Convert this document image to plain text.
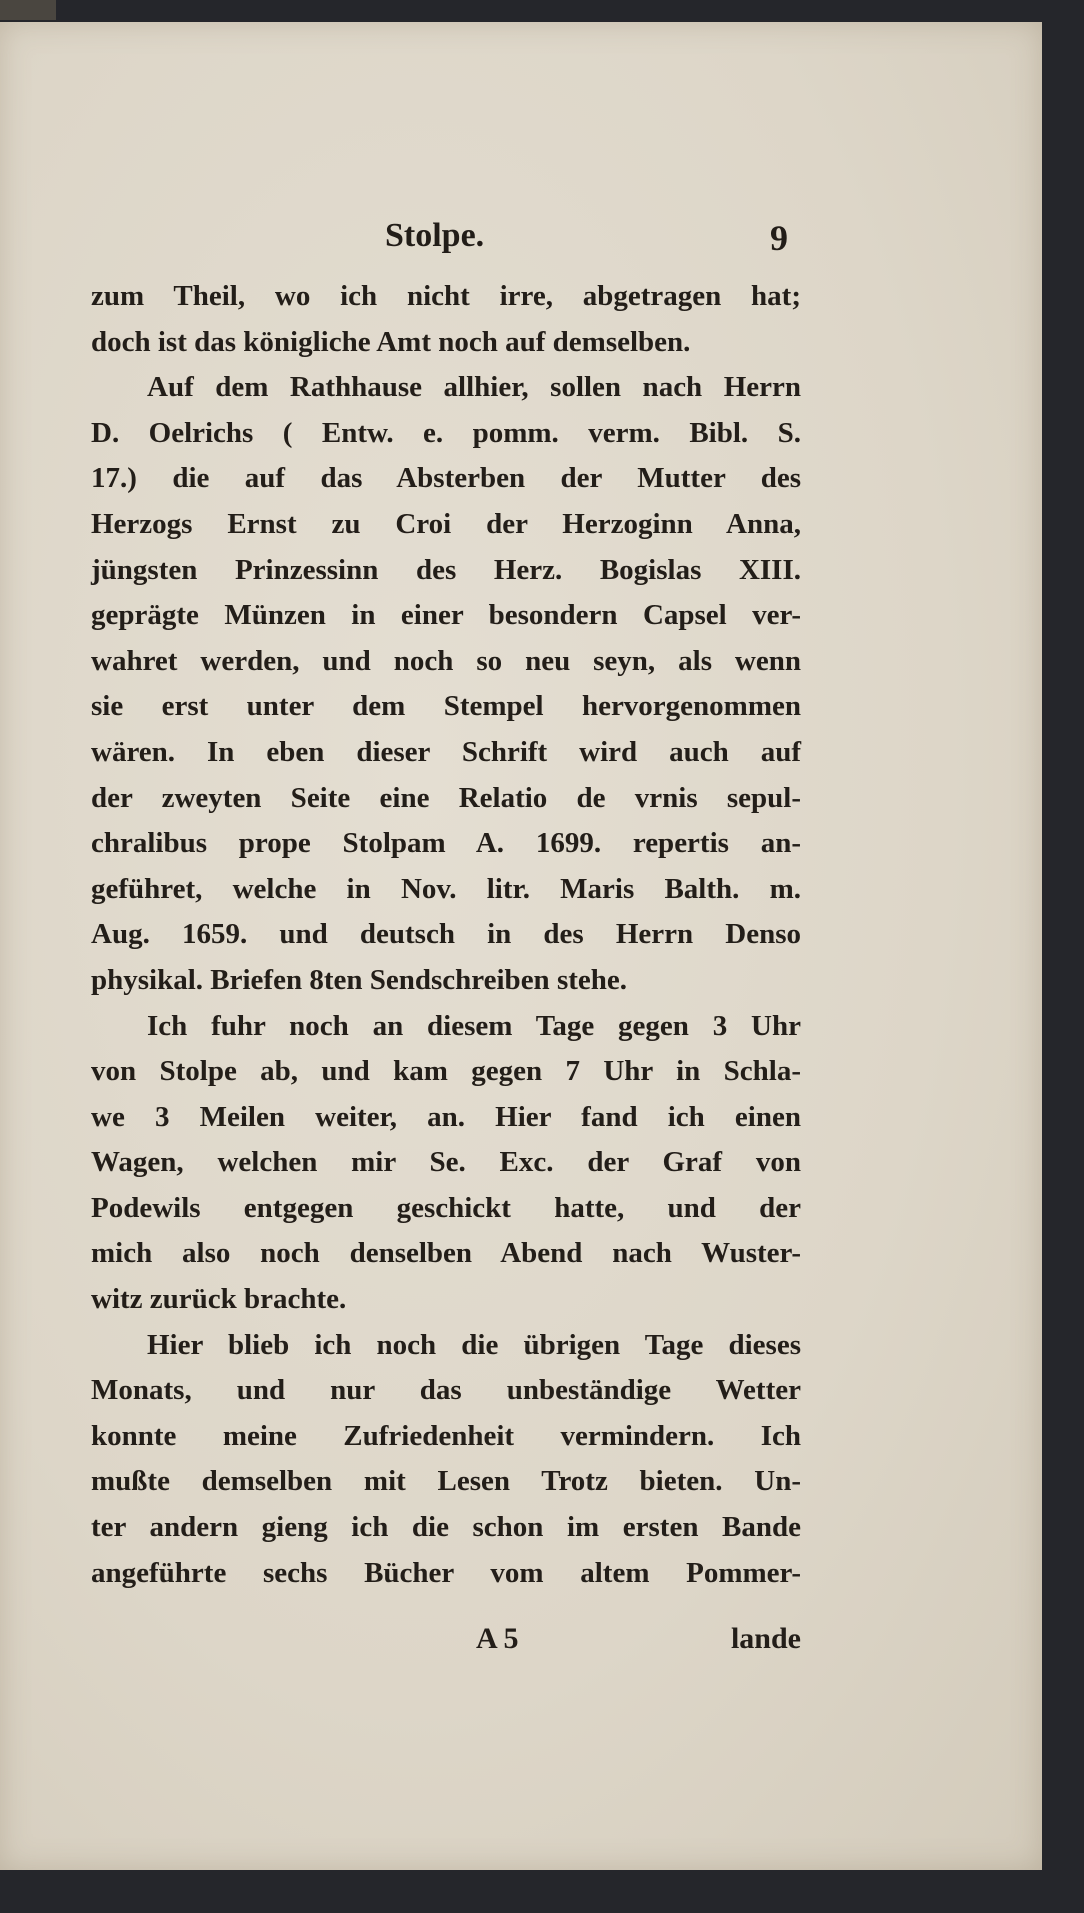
Stolpe.	9
zum Theil, wo ich nicht irre, abgetragen hat;
doch ist das königliche Amt noch auf demselben.
Auf dem Rathhause allhier, sollen nach Herrn
D. Oelrichs ( Entw. e. pomm. verm. Bibl. S.
17.) die auf das Absterben der Mutter des
Herzogs Ernst zu Croi der Herzoginn Anna,
jüngsten Prinzessinn des Herz. Bogislas XIII.
geprägte Münzen in einer besondern Capsel ver-
wahret werden, und noch so neu seyn, als wenn
sie erst unter dem Stempel hervorgenommen
wären. In eben dieser Schrift wird auch auf
der zweyten Seite eine Relatio de vrnis sepul-
chralibus prope Stolpam A. 1699. repertis an-
geführet, welche in Nov. litr. Maris Balth. m.
Aug. 1659. und deutsch in des Herrn Denso
physikal. Briefen 8ten Sendschreiben stehe.
Ich fuhr noch an diesem Tage gegen 3 Uhr
von Stolpe ab, und kam gegen 7 Uhr in Schla-
we 3 Meilen weiter, an. Hier fand ich einen
Wagen, welchen mir Se. Exc. der Graf von
Podewils entgegen geschickt hatte, und der
mich also noch denselben Abend nach Wuster-
witz zurück brachte.
Hier blieb ich noch die übrigen Tage dieses
Monats, und nur das unbeständige Wetter
konnte meine Zufriedenheit vermindern. Ich
mußte demselben mit Lesen Trotz bieten. Un-
ter andern gieng ich die schon im ersten Bande
angeführte sechs Bücher vom altem Pommer-
A 5	lande
